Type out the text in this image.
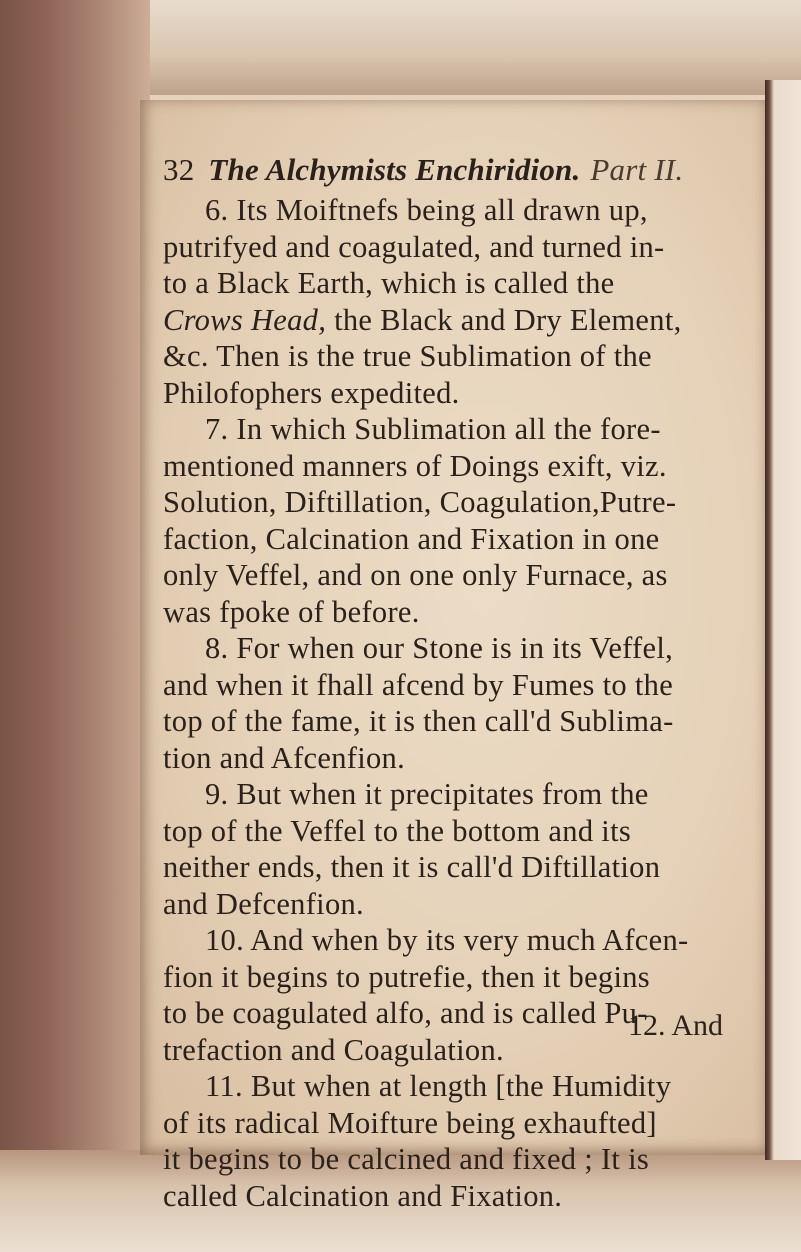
32 The Alchymists Enchiridion. Part II.
6. Its Moiftnefs being all drawn up,
putrifyed and coagulated, and turned in-
to a Black Earth, which is called the
Crows Head, the Black and Dry Element,
&c. Then is the true Sublimation of the
Philofophers expedited.
7. In which Sublimation all the fore-
mentioned manners of Doings exift, viz.
Solution, Diftillation, Coagulation,Putre-
faction, Calcination and Fixation in one
only Veffel, and on one only Furnace, as
was fpoke of before.
8. For when our Stone is in its Veffel,
and when it fhall afcend by Fumes to the
top of the fame, it is then call'd Sublima-
tion and Afcenfion.
9. But when it precipitates from the
top of the Veffel to the bottom and its
neither ends, then it is call'd Diftillation
and Defcenfion.
10. And when by its very much Afcen-
fion it begins to putrefie, then it begins
to be coagulated alfo, and is called Pu-
trefaction and Coagulation.
11. But when at length [the Humidity
of its radical Moifture being exhaufted]
it begins to be calcined and fixed ; It is
called Calcination and Fixation.
12. And
